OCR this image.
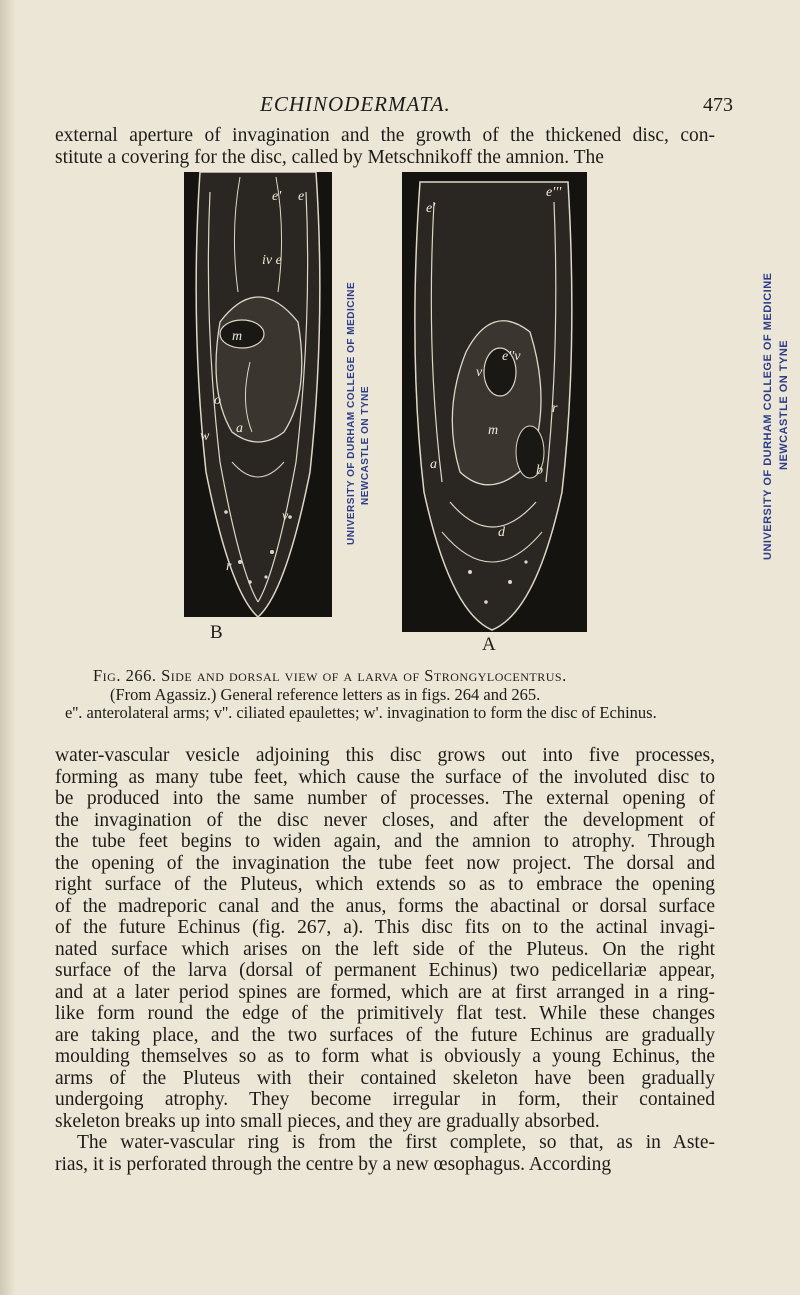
ECHINODERMATA.	473

external aperture of invagination and the growth of the thickened disc, con-
stitute a covering for the disc, called by Metschnikoff the amnion. The

e' e
iv e
m
o
a
w
v
r
e'
e'''
e''v
v
m
a	b
r
d
B
A
UNIVERSITY OF DURHAM COLLEGE OF MEDICINE NEWCASTLE ON TYNE	UNIVERSITY OF DURHAM COLLEGE OF MEDICINE NEWCASTLE ON TYNE
Fig. 266. Side and dorsal view of a larva of Strongylocentrus.
(From Agassiz.) General reference letters as in figs. 264 and 265.
e''. anterolateral arms; v''. ciliated epaulettes; w'. invagination to form the disc of Echinus.

water-vascular vesicle adjoining this disc grows out into five processes,
forming as many tube feet, which cause the surface of the involuted disc to
be produced into the same number of processes. The external opening of
the invagination of the disc never closes, and after the development of
the tube feet begins to widen again, and the amnion to atrophy. Through
the opening of the invagination the tube feet now project. The dorsal and
right surface of the Pluteus, which extends so as to embrace the opening
of the madreporic canal and the anus, forms the abactinal or dorsal surface
of the future Echinus (fig. 267, a). This disc fits on to the actinal invagi-
nated surface which arises on the left side of the Pluteus. On the right
surface of the larva (dorsal of permanent Echinus) two pedicellariæ appear,
and at a later period spines are formed, which are at first arranged in a ring-
like form round the edge of the primitively flat test. While these changes
are taking place, and the two surfaces of the future Echinus are gradually
moulding themselves so as to form what is obviously a young Echinus, the
arms of the Pluteus with their contained skeleton have been gradually
undergoing atrophy. They become irregular in form, their contained
skeleton breaks up into small pieces, and they are gradually absorbed.
The water-vascular ring is from the first complete, so that, as in Aste-
rias, it is perforated through the centre by a new œsophagus. According
